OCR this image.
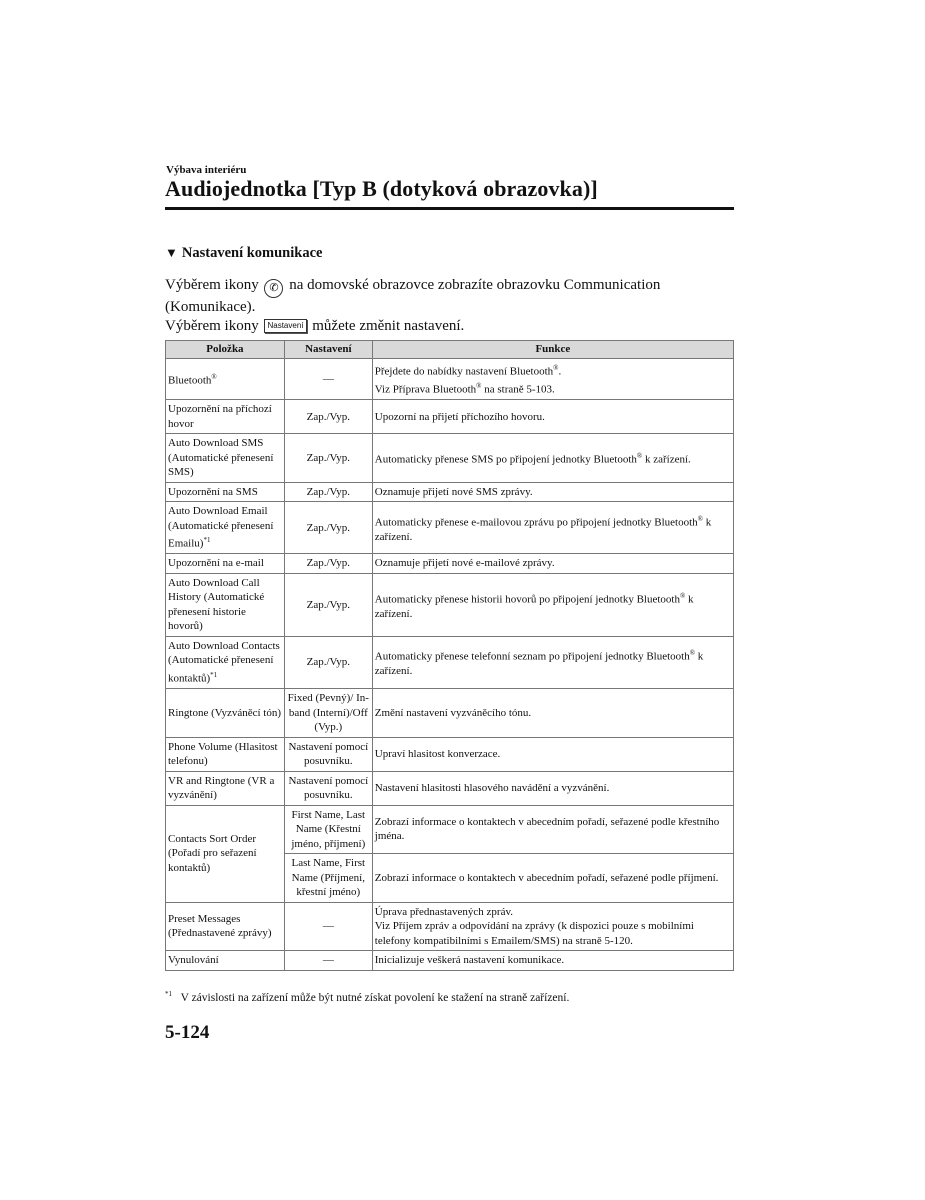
Výbava interiéru
Audiojednotka [Typ B (dotyková obrazovka)]
▼ Nastavení komunikace

Výběrem ikony ✆ na domovské obrazovce zobrazíte obrazovku Communication (Komunikace).

Výběrem ikony Nastavení můžete změnit nastavení.

Položka	Nastavení	Funkce
Bluetooth®	—	Přejdete do nabídky nastavení Bluetooth®.
Viz Příprava Bluetooth® na straně 5-103.
Upozornění na příchozí hovor	Zap./Vyp.	Upozorní na přijetí příchozího hovoru.
Auto Download SMS (Automatické přenesení SMS)	Zap./Vyp.	Automaticky přenese SMS po připojení jednotky Bluetooth® k zařízení.
Upozornění na SMS	Zap./Vyp.	Oznamuje přijetí nové SMS zprávy.
Auto Download Email (Automatické přenesení Emailu)$^{*1}$	Zap./Vyp.	Automaticky přenese e-mailovou zprávu po připojení jednotky Bluetooth® k zařízení.
Upozornění na e-mail	Zap./Vyp.	Oznamuje přijetí nové e-mailové zprávy.
Auto Download Call History (Automatické přenesení historie hovorů)	Zap./Vyp.	Automaticky přenese historii hovorů po připojení jednotky Bluetooth® k zařízení.
Auto Download Contacts (Automatické přenesení kontaktů)$^{*1}$	Zap./Vyp.	Automaticky přenese telefonní seznam po připojení jednotky Bluetooth® k zařízení.
Ringtone (Vyzváněcí tón)	Fixed (Pevný)/ In-band (Interní)/Off (Vyp.)	Změní nastavení vyzváněcího tónu.
Phone Volume (Hlasitost telefonu)	Nastavení pomocí posuvníku.	Upraví hlasitost konverzace.
VR and Ringtone (VR a vyzvánění)	Nastavení pomocí posuvníku.	Nastavení hlasitosti hlasového navádění a vyzvánění.
Contacts Sort Order (Pořadí pro seřazení kontaktů)	First Name, Last Name (Křestní jméno, příjmení)	Zobrazí informace o kontaktech v abecedním pořadí, seřazené podle křestního jména.
	Last Name, First Name (Příjmení, křestní jméno)	Zobrazí informace o kontaktech v abecedním pořadí, seřazené podle příjmení.
Preset Messages (Přednastavené zprávy)	—	Úprava přednastavených zpráv.
Viz Příjem zpráv a odpovídání na zprávy (k dispozici pouze s mobilními telefony kompatibilními s Emailem/SMS) na straně 5-120.
Vynulování	—	Inicializuje veškerá nastavení komunikace.
$^{*1}$ V závislosti na zařízení může být nutné získat povolení ke stažení na straně zařízení.
5-124
